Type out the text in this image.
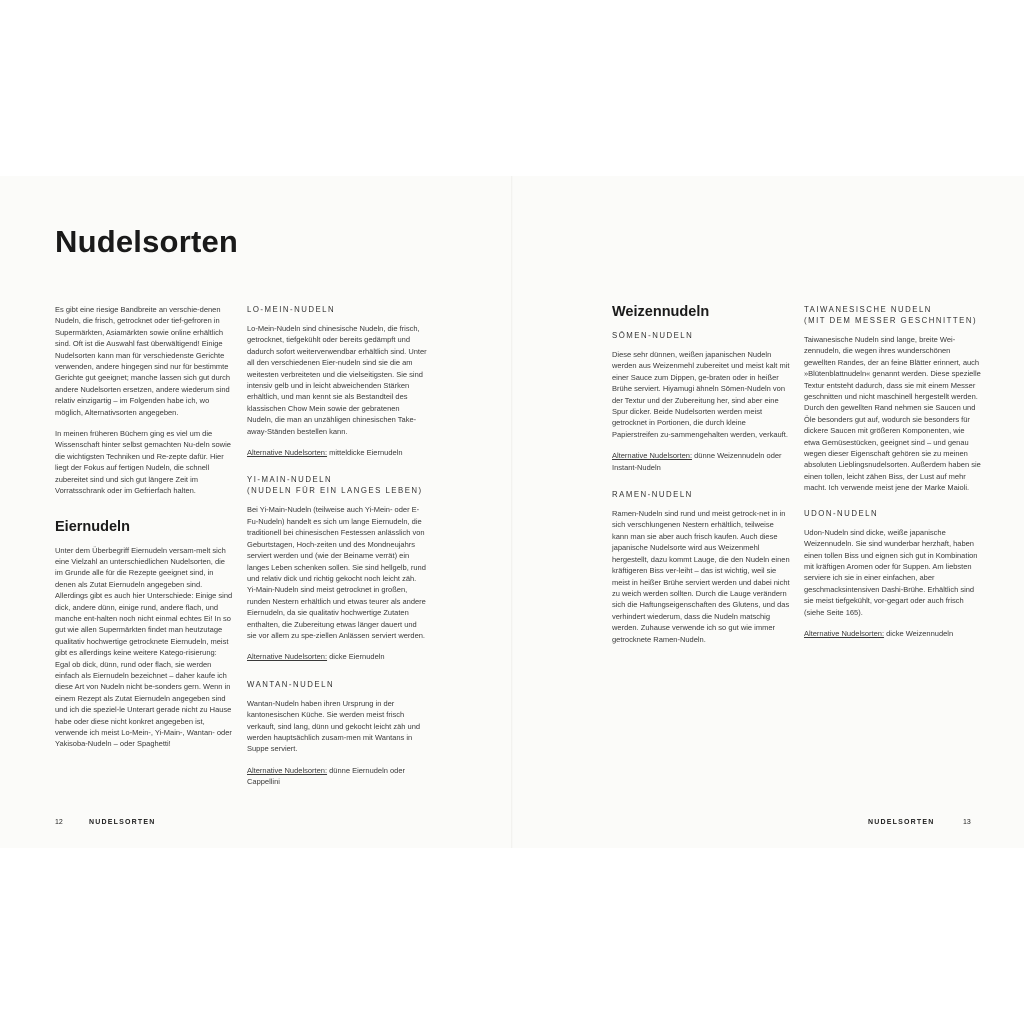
Nudelsorten

Es gibt eine riesige Bandbreite an verschie-denen Nudeln, die frisch, getrocknet oder tief-gefroren in Supermärkten, Asiamärkten sowie online erhältlich sind. Oft ist die Auswahl fast überwältigend! Einige Nudelsorten kann man für verschiedenste Gerichte verwenden, andere hingegen sind nur für bestimmte Gerichte gut geeignet; manche lassen sich gut durch andere Nudelsorten ersetzen, andere wiederum sind relativ einzigartig – im Folgenden habe ich, wo möglich, Alternativsorten angegeben.

In meinen früheren Büchern ging es viel um die Wissenschaft hinter selbst gemachten Nu-deln sowie die wichtigsten Techniken und Re-zepte dafür. Hier liegt der Fokus auf fertigen Nudeln, die schnell zubereitet sind und sich gut längere Zeit im Vorratsschrank oder im Gefrierfach halten.

Eiernudeln

Unter dem Überbegriff Eiernudeln versam-melt sich eine Vielzahl an unterschiedlichen Nudelsorten, die im Grunde alle für die Rezepte geeignet sind, in denen als Zutat Eiernudeln angegeben sind. Allerdings gibt es auch hier Unterschiede: Einige sind dick, andere dünn, einige rund, andere flach, und manche ent-halten noch nicht einmal echtes Ei! In so gut wie allen Supermärkten findet man heutzutage qualitativ hochwertige getrocknete Eiernudeln, meist gibt es allerdings keine weitere Katego-risierung: Egal ob dick, dünn, rund oder flach, sie werden einfach als Eiernudeln bezeichnet – daher kaufe ich diese Art von Nudeln nicht be-sonders gern. Wenn in einem Rezept als Zutat Eiernudeln angegeben sind und ich die speziel-le Unterart gerade nicht zu Hause habe oder diese nicht konkret angegeben ist, verwende ich meist Lo-Mein-, Yi-Main-, Wantan- oder Yakisoba-Nudeln – oder Spaghetti!

LO-MEIN-NUDELN

Lo-Mein-Nudeln sind chinesische Nudeln, die frisch, getrocknet, tiefgekühlt oder bereits gedämpft und dadurch sofort weiterverwendbar erhältlich sind. Unter all den verschiedenen Eier-nudeln sind sie die am weitesten verbreiteten und die vielseitigsten. Sie sind intensiv gelb und in leicht abweichenden Stärken erhältlich, und man kennt sie als Bestandteil des klassischen Chow Mein sowie der gebratenen Nudeln, die man an unzähligen chinesischen Take-away-Ständen bestellen kann.

Alternative Nudelsorten: mitteldicke Eiernudeln

YI-MAIN-NUDELN
(NUDELN FÜR EIN LANGES LEBEN)

Bei Yi-Main-Nudeln (teilweise auch Yi-Mein- oder E-Fu-Nudeln) handelt es sich um lange Eiernudeln, die traditionell bei chinesischen Festessen anlässlich von Geburtstagen, Hoch-zeiten und des Mondneujahrs serviert werden und (wie der Beiname verrät) ein langes Leben schenken sollen. Sie sind hellgelb, rund und relativ dick und richtig gekocht noch leicht zäh. Yi-Main-Nudeln sind meist getrocknet in großen, runden Nestern erhältlich und etwas teurer als andere Eiernudeln, da sie qualitativ hochwertige Zutaten enthalten, die Zubereitung etwas länger dauert und sie vor allem zu spe-ziellen Anlässen serviert werden.

Alternative Nudelsorten: dicke Eiernudeln

WANTAN-NUDELN

Wantan-Nudeln haben ihren Ursprung in der kantonesischen Küche. Sie werden meist frisch verkauft, sind lang, dünn und gekocht leicht zäh und werden hauptsächlich zusam-men mit Wantans in Suppe serviert.

Alternative Nudelsorten: dünne Eiernudeln oder Cappellini

12	NUDELSORTEN
Weizennudeln
SŌMEN-NUDELN

Diese sehr dünnen, weißen japanischen Nudeln werden aus Weizenmehl zubereitet und meist kalt mit einer Sauce zum Dippen, ge-braten oder in heißer Brühe serviert. Hiyamugi ähneln Sōmen-Nudeln von der Textur und der Zubereitung her, sind aber eine Spur dicker. Beide Nudelsorten werden meist getrocknet in Portionen, die durch kleine Papierstreifen zu-sammengehalten werden, verkauft.

Alternative Nudelsorten: dünne Weizennudeln oder Instant-Nudeln

RAMEN-NUDELN

Ramen-Nudeln sind rund und meist getrock-net in in sich verschlungenen Nestern erhältlich, teilweise kann man sie aber auch frisch kaufen. Auch diese japanische Nudelsorte wird aus Weizenmehl hergestellt, dazu kommt Lauge, die den Nudeln einen kräftigeren Biss ver-leiht – das ist wichtig, weil sie meist in heißer Brühe serviert werden und dabei nicht zu weich werden sollten. Durch die Lauge verändern sich die Haftungseigenschaften des Glutens, und das verhindert wiederum, dass die Nudeln matschig werden. Zuhause verwende ich so gut wie immer getrocknete Ramen-Nudeln.

TAIWANESISCHE NUDELN
(MIT DEM MESSER GESCHNITTEN)

Taiwanesische Nudeln sind lange, breite Wei-zennudeln, die wegen ihres wunderschönen gewellten Randes, der an feine Blätter erinnert, auch »Blütenblattnudeln« genannt werden. Diese spezielle Textur entsteht dadurch, dass sie mit einem Messer geschnitten und nicht maschinell hergestellt werden. Durch den gewellten Rand nehmen sie Saucen und Öle besonders gut auf, wodurch sie besonders für dickere Saucen mit größeren Komponenten, wie etwa Gemüsestücken, geeignet sind – und genau wegen dieser Eigenschaft gehören sie zu meinen absoluten Lieblingsnudelsorten. Außerdem haben sie einen tollen, leicht zähen Biss, der Lust auf mehr macht. Ich verwende meist jene der Marke Maioli.

UDON-NUDELN

Udon-Nudeln sind dicke, weiße japanische Weizennudeln. Sie sind wunderbar herzhaft, haben einen tollen Biss und eignen sich gut in Kombination mit kräftigen Aromen oder für Suppen. Am liebsten serviere ich sie in einer einfachen, aber geschmacksintensiven Dashi-Brühe. Erhältlich sind sie meist tiefgekühlt, vor-gegart oder auch frisch (siehe Seite 165).

Alternative Nudelsorten: dicke Weizennudeln

NUDELSORTEN	13
